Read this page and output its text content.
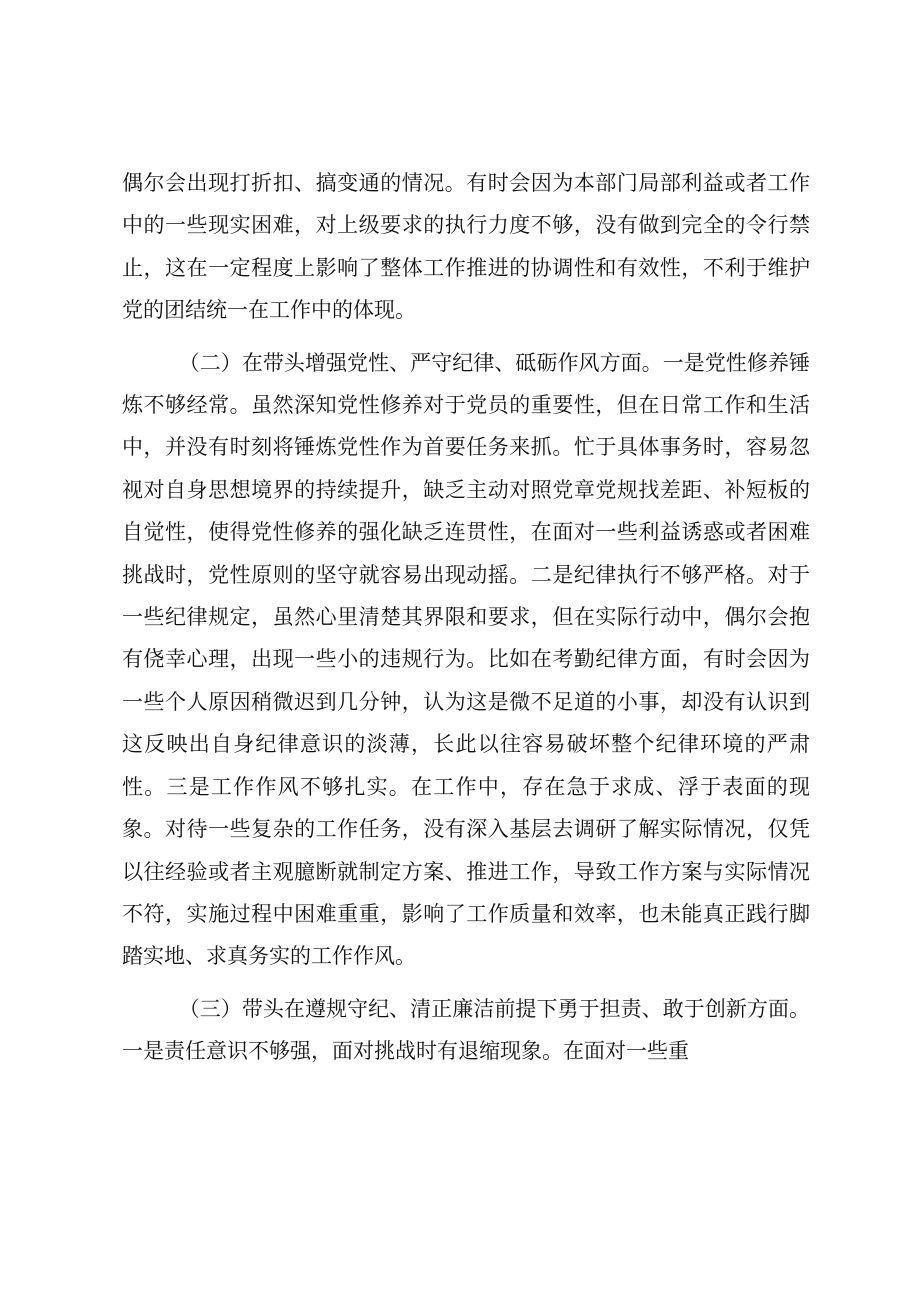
偶尔会出现打折扣、搞变通的情况。有时会因为本部门局部利益或者工作中的一些现实困难，对上级要求的执行力度不够，没有做到完全的令行禁止，这在一定程度上影响了整体工作推进的协调性和有效性，不利于维护党的团结统一在工作中的体现。

（二）在带头增强党性、严守纪律、砥砺作风方面。一是党性修养锤炼不够经常。虽然深知党性修养对于党员的重要性，但在日常工作和生活中，并没有时刻将锤炼党性作为首要任务来抓。忙于具体事务时，容易忽视对自身思想境界的持续提升，缺乏主动对照党章党规找差距、补短板的自觉性，使得党性修养的强化缺乏连贯性，在面对一些利益诱惑或者困难挑战时，党性原则的坚守就容易出现动摇。二是纪律执行不够严格。对于一些纪律规定，虽然心里清楚其界限和要求，但在实际行动中，偶尔会抱有侥幸心理，出现一些小的违规行为。比如在考勤纪律方面，有时会因为一些个人原因稍微迟到几分钟，认为这是微不足道的小事，却没有认识到这反映出自身纪律意识的淡薄，长此以往容易破坏整个纪律环境的严肃性。三是工作作风不够扎实。在工作中，存在急于求成、浮于表面的现象。对待一些复杂的工作任务，没有深入基层去调研了解实际情况，仅凭以往经验或者主观臆断就制定方案、推进工作，导致工作方案与实际情况不符，实施过程中困难重重，影响了工作质量和效率，也未能真正践行脚踏实地、求真务实的工作作风。

（三）带头在遵规守纪、清正廉洁前提下勇于担责、敢于创新方面。一是责任意识不够强，面对挑战时有退缩现象。在面对一些重
